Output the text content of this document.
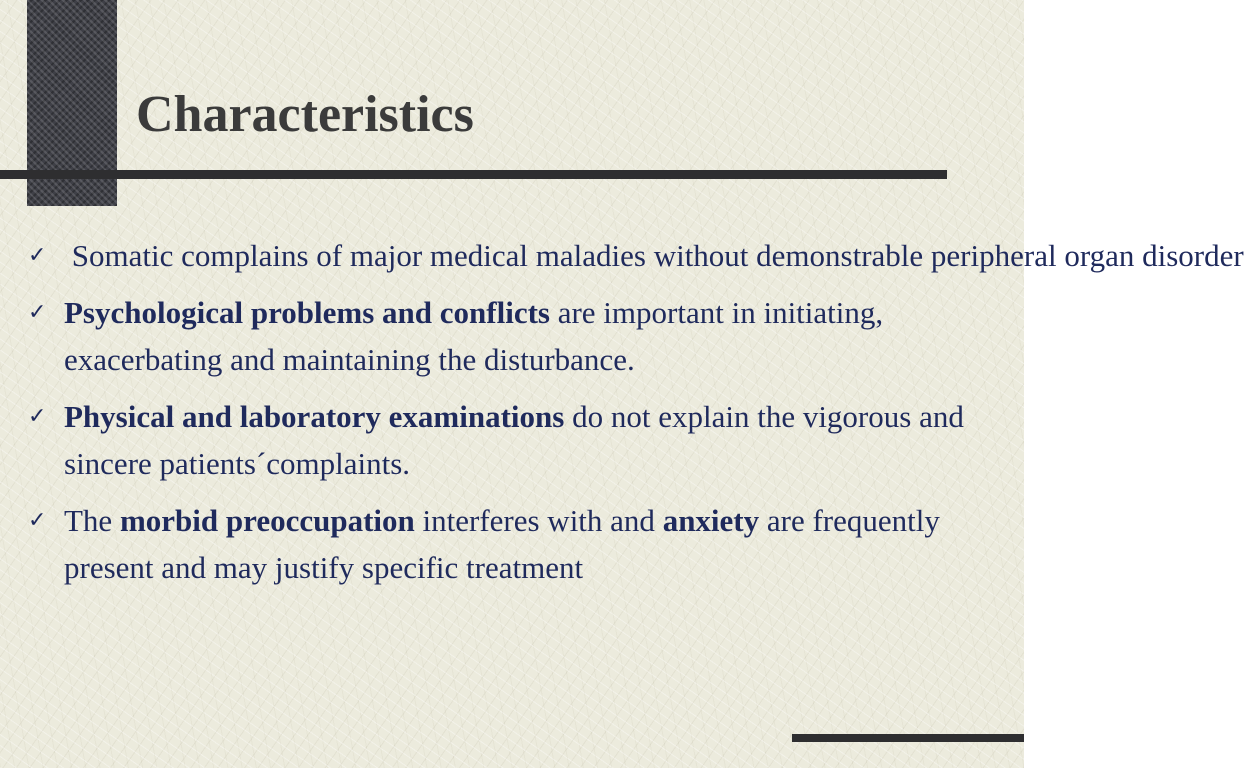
Characteristics
✓ Somatic complains of major medical maladies without demonstrable peripheral organ disorder
✓ Psychological problems and conflicts are important in initiating, exacerbating and maintaining the disturbance.
✓ Physical and laboratory examinations do not explain the vigorous and sincere patients´complaints.
✓ The morbid preoccupation interferes with and anxiety are frequently present and may justify specific treatment
